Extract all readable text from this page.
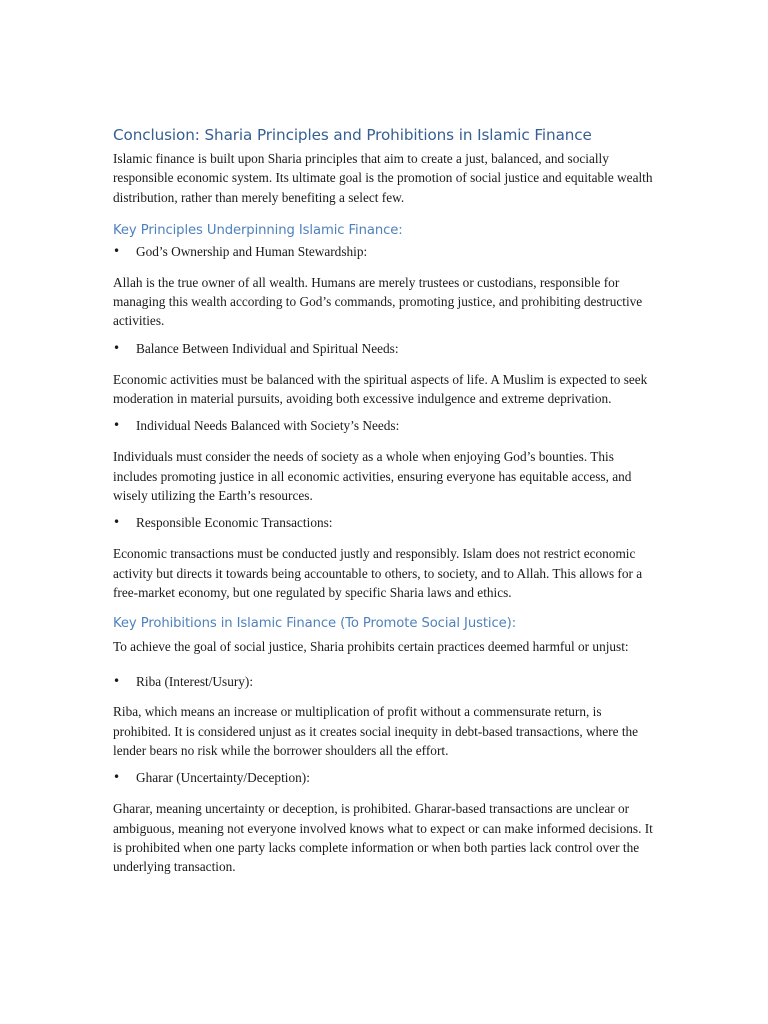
Conclusion: Sharia Principles and Prohibitions in Islamic Finance

Islamic finance is built upon Sharia principles that aim to create a just, balanced, and socially responsible economic system. Its ultimate goal is the promotion of social justice and equitable wealth distribution, rather than merely benefiting a select few.

Key Principles Underpinning Islamic Finance:
• God’s Ownership and Human Stewardship:

Allah is the true owner of all wealth. Humans are merely trustees or custodians, responsible for managing this wealth according to God’s commands, promoting justice, and prohibiting destructive activities.

• Balance Between Individual and Spiritual Needs:

Economic activities must be balanced with the spiritual aspects of life. A Muslim is expected to seek moderation in material pursuits, avoiding both excessive indulgence and extreme deprivation.

• Individual Needs Balanced with Society’s Needs:

Individuals must consider the needs of society as a whole when enjoying God’s bounties. This includes promoting justice in all economic activities, ensuring everyone has equitable access, and wisely utilizing the Earth’s resources.

• Responsible Economic Transactions:

Economic transactions must be conducted justly and responsibly. Islam does not restrict economic activity but directs it towards being accountable to others, to society, and to Allah. This allows for a free-market economy, but one regulated by specific Sharia laws and ethics.

Key Prohibitions in Islamic Finance (To Promote Social Justice):

To achieve the goal of social justice, Sharia prohibits certain practices deemed harmful or unjust:

• Riba (Interest/Usury):

Riba, which means an increase or multiplication of profit without a commensurate return, is prohibited. It is considered unjust as it creates social inequity in debt-based transactions, where the lender bears no risk while the borrower shoulders all the effort.

• Gharar (Uncertainty/Deception):

Gharar, meaning uncertainty or deception, is prohibited. Gharar-based transactions are unclear or ambiguous, meaning not everyone involved knows what to expect or can make informed decisions. It is prohibited when one party lacks complete information or when both parties lack control over the underlying transaction.
